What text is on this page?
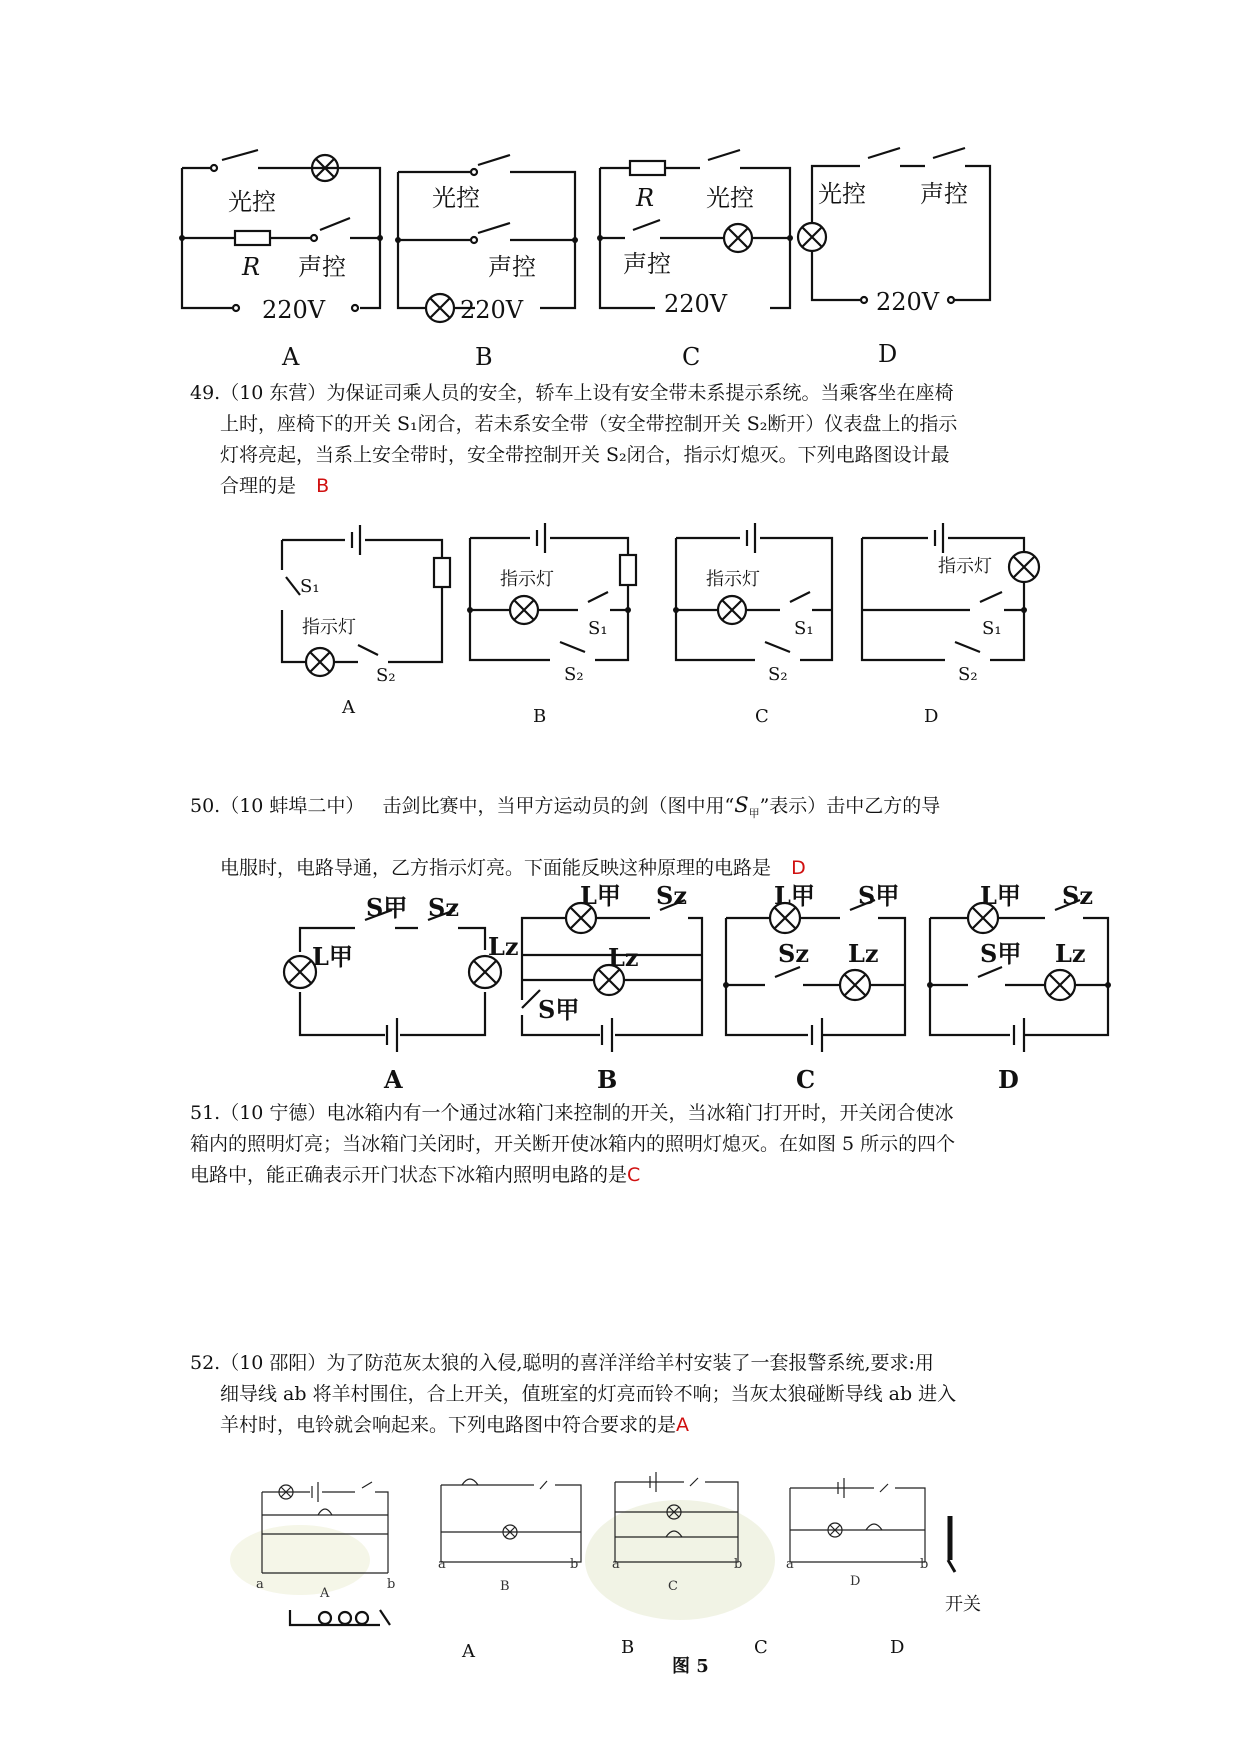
光控
R 声控
220V
A
光控
声控
220V
B
R 光控
声控
220V
C
光控 声控
220V
D
49.（10 东营）为保证司乘人员的安全，轿车上设有安全带未系提示系统。当乘客坐在座椅
上时，座椅下的开关 S₁闭合，若未系安全带（安全带控制开关 S₂断开）仪表盘上的指示
灯将亮起，当系上安全带时，安全带控制开关 S₂闭合，指示灯熄灭。下列电路图设计最
合理的是 B
S₁
指示灯
S₂
A
指示灯
S₁
S₂
B
指示灯
S₁
S₂
C
指示灯
S₁
S₂
D
50.（10 蚌埠二中） 击剑比赛中，当甲方运动员的剑（图中用“$S_甲$”表示）击中乙方的导
电服时，电路导通，乙方指示灯亮。下面能反映这种原理的电路是 D
S甲 Sz
L甲	Lz
A
L甲 Sz
Lz
S甲
B
L甲 S甲
Sz Lz
C
L甲 Sz
S甲 Lz
D
51.（10 宁德）电冰箱内有一个通过冰箱门来控制的开关，当冰箱门打开时，开关闭合使冰
箱内的照明灯亮；当冰箱门关闭时，开关断开使冰箱内的照明灯熄灭。在如图 5 所示的四个
电路中，能正确表示开门状态下冰箱内照明电路的是C
52.（10 邵阳）为了防范灰太狼的入侵,聪明的喜洋洋给羊村安装了一套报警系统,要求:用
细导线 ab 将羊村围住，合上开关，值班室的灯亮而铃不响；当灰太狼碰断导线 ab 进入
羊村时，电铃就会响起来。下列电路图中符合要求的是A
A
a	b	B
a	b
C
a	b
D
a	b
开关
A	B	C	D
图 5
